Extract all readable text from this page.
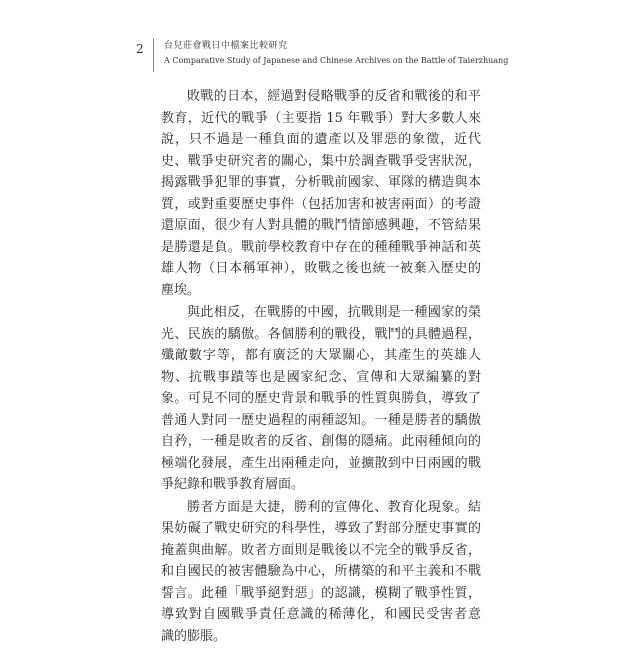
2 台兒莊會戰日中檔案比較研究
A Comparative Study of Japanese and Chinese Archives on the Battle of Taierzhuang
敗戰的日本，經過對侵略戰爭的反省和戰後的和平
教育，近代的戰爭（主要指 15 年戰爭）對大多數人來
說，只不過是一種負面的遺產以及罪惡的象徵，近代
史、戰爭史研究者的關心，集中於調查戰爭受害狀況，
揭露戰爭犯罪的事實，分析戰前國家、軍隊的構造與本
質，或對重要歷史事件（包括加害和被害兩面）的考證
還原面，很少有人對具體的戰鬥情節感興趣，不管結果
是勝還是負。戰前學校教育中存在的種種戰爭神話和英
雄人物（日本稱軍神），敗戰之後也統一被棄入歷史的
塵埃。
與此相反，在戰勝的中國，抗戰則是一種國家的榮
光、民族的驕傲。各個勝利的戰役，戰鬥的具體過程，
殲敵數字等，都有廣泛的大眾關心，其產生的英雄人
物、抗戰事蹟等也是國家紀念、宣傳和大眾編纂的對
象。可見不同的歷史背景和戰爭的性質與勝負，導致了
普通人對同一歷史過程的兩種認知。一種是勝者的驕傲
自矜，一種是敗者的反省、創傷的隱痛。此兩種傾向的
極端化發展，產生出兩種走向，並擴散到中日兩國的戰
爭紀錄和戰爭教育層面。
勝者方面是大捷，勝利的宣傳化、教育化現象。結
果妨礙了戰史研究的科學性，導致了對部分歷史事實的
掩蓋與曲解。敗者方面則是戰後以不完全的戰爭反省，
和自國民的被害體驗為中心，所構築的和平主義和不戰
誓言。此種「戰爭絕對惡」的認識，模糊了戰爭性質，
導致對自國戰爭責任意識的稀薄化，和國民受害者意
識的膨脹。
